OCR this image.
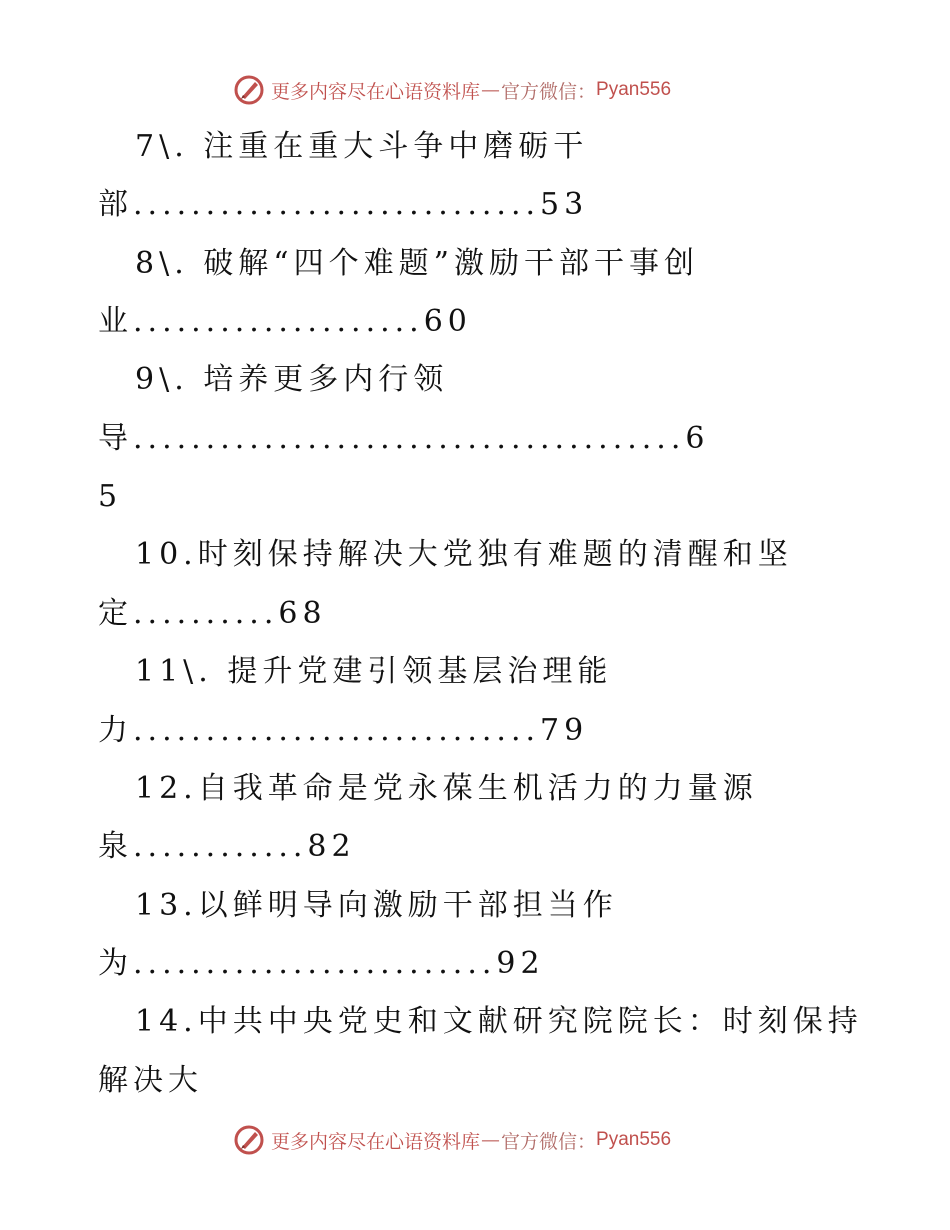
更多内容尽在心语资料库 — 官方微信： Pyan556
7\. 注重在重大斗争中磨砺干
部............................53
8\. 破解“四个难题”激励干部干事创
业....................60
9\. 培养更多内行领
导......................................6
5
10.时刻保持解决大党独有难题的清醒和坚
定..........68
11\. 提升党建引领基层治理能
力............................79
12.自我革命是党永葆生机活力的力量源
泉............82
13.以鲜明导向激励干部担当作
为.........................92
14.中共中央党史和文献研究院院长：时刻保持
解决大
更多内容尽在心语资料库 — 官方微信： Pyan556
